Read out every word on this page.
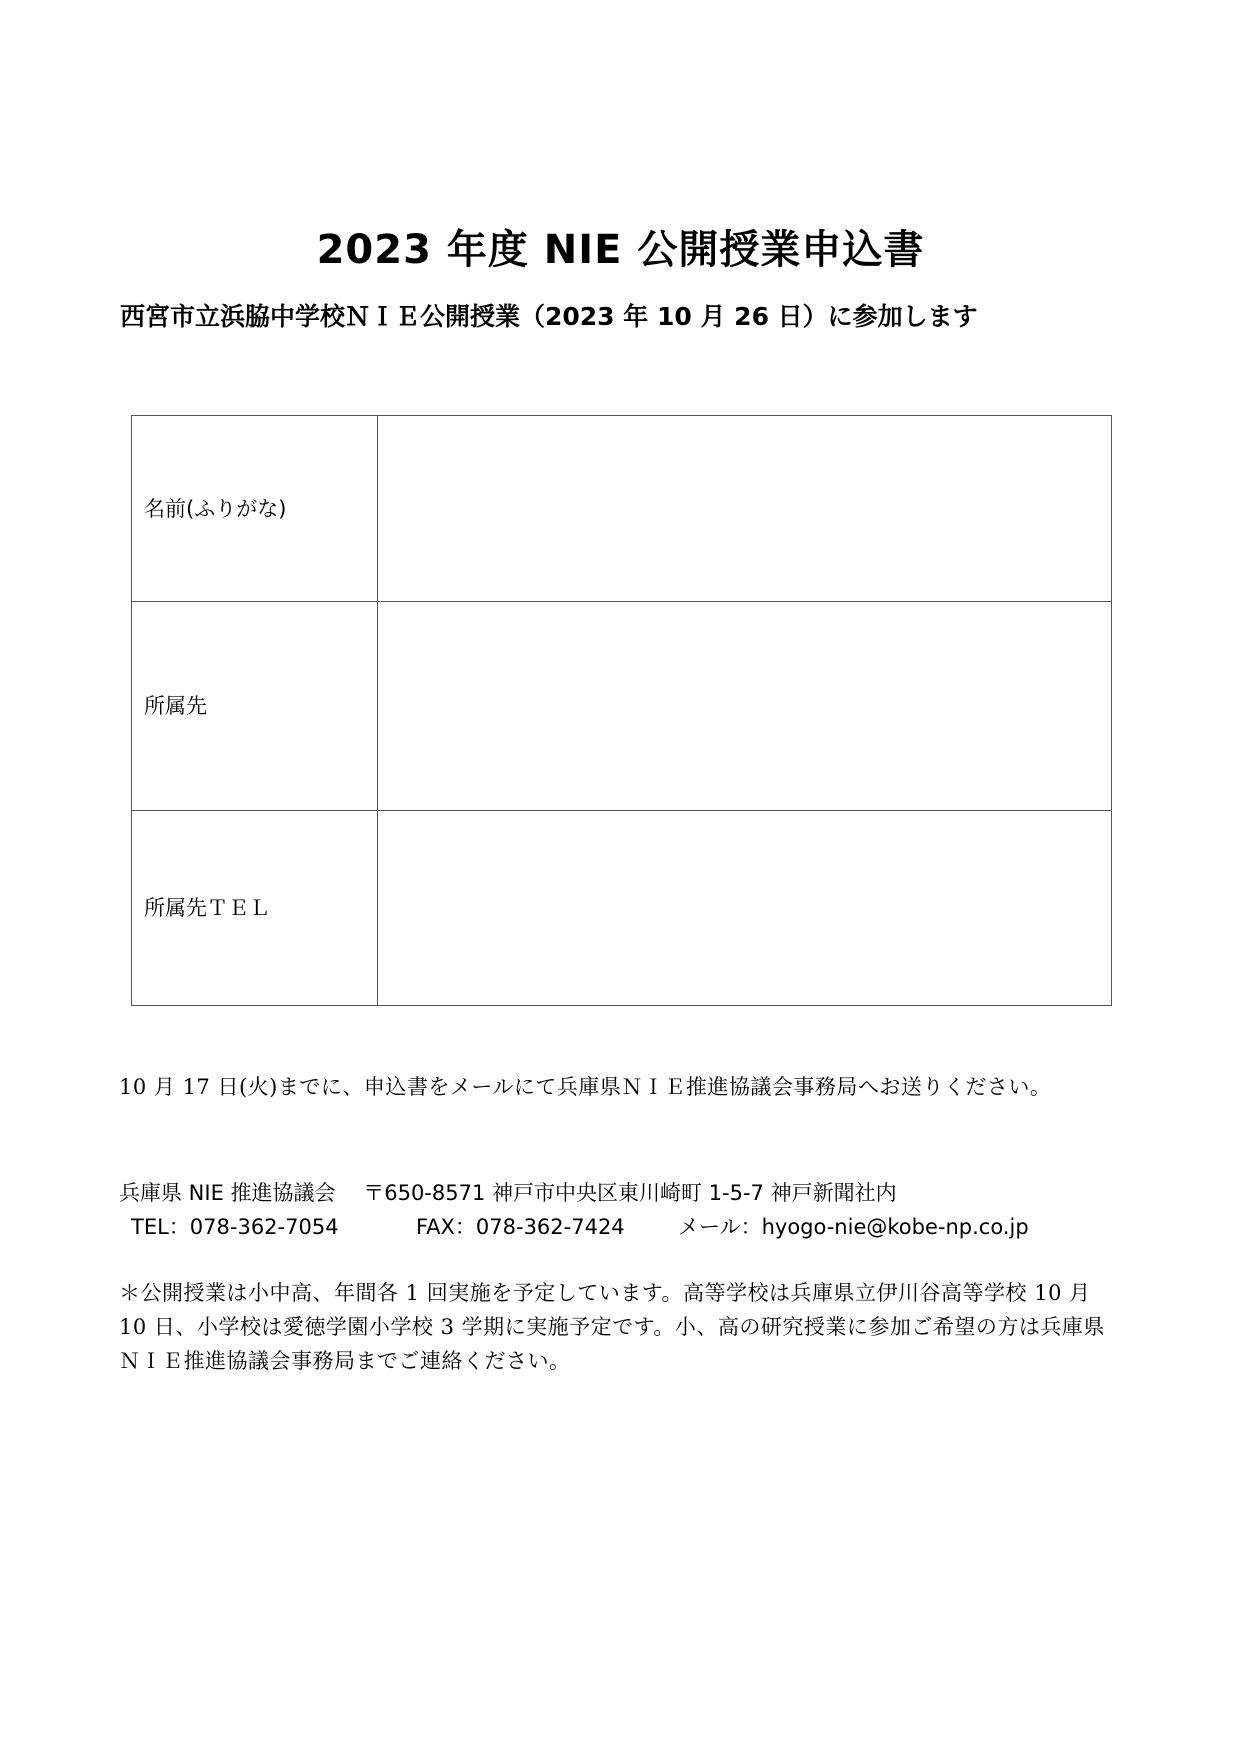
2023 年度 NIE 公開授業申込書
西宮市立浜脇中学校ＮＩＥ公開授業（2023 年 10 月 26 日）に参加します
名前(ふりがな)	

所属先	

所属先ＴＥＬ	

10 月 17 日(火)までに、申込書をメールにて兵庫県ＮＩＥ推進協議会事務局へお送りください。

兵庫県 NIE 推進協議会　 〒650-8571 神戸市中央区東川崎町 1-5-7 神戸新聞社内
TEL：078-362-7054	FAX：078-362-7424	メール：hyogo-nie@kobe-np.co.jp

＊公開授業は小中高、年間各 1 回実施を予定しています。高等学校は兵庫県立伊川谷高等学校 10 月 10 日、小学校は愛徳学園小学校 3 学期に実施予定です。小、高の研究授業に参加ご希望の方は兵庫県ＮＩＥ推進協議会事務局までご連絡ください。
